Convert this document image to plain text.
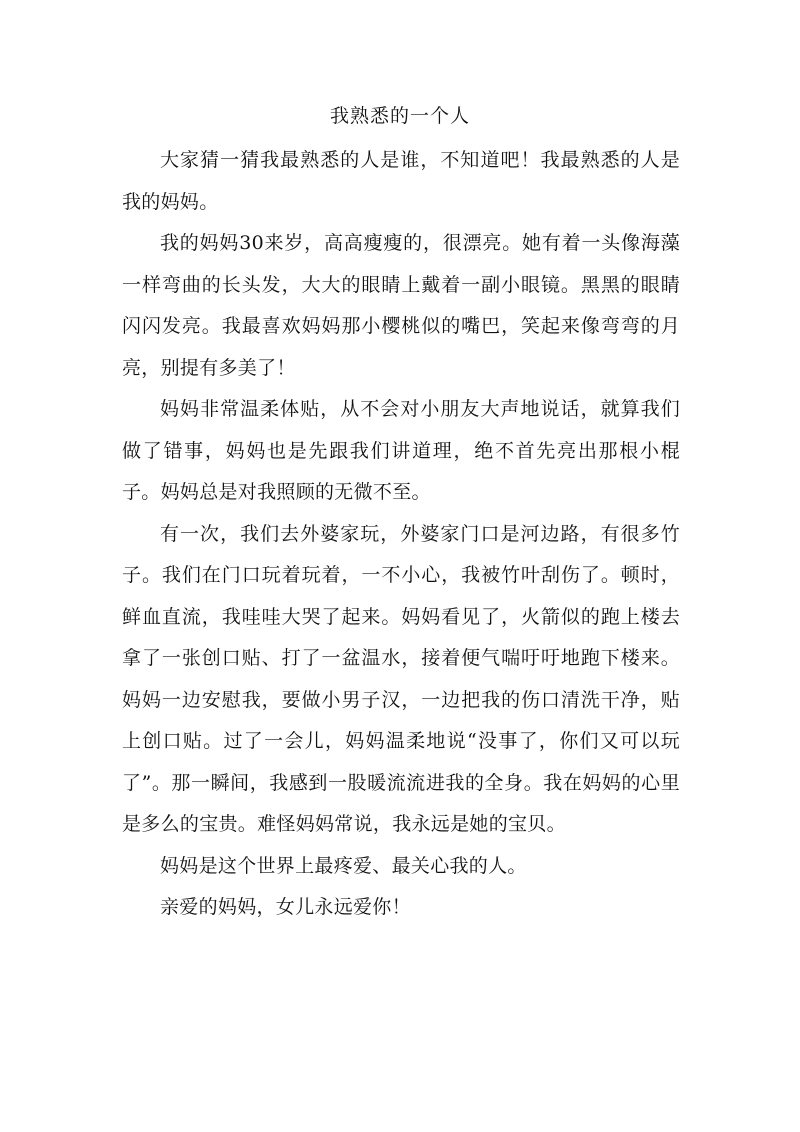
我熟悉的一个人

大家猜一猜我最熟悉的人是谁，不知道吧！我最熟悉的人是我的妈妈。

我的妈妈30来岁，高高瘦瘦的，很漂亮。她有着一头像海藻一样弯曲的长头发，大大的眼睛上戴着一副小眼镜。黑黑的眼睛闪闪发亮。我最喜欢妈妈那小樱桃似的嘴巴，笑起来像弯弯的月亮，别提有多美了！

妈妈非常温柔体贴，从不会对小朋友大声地说话，就算我们做了错事，妈妈也是先跟我们讲道理，绝不首先亮出那根小棍子。妈妈总是对我照顾的无微不至。

有一次，我们去外婆家玩，外婆家门口是河边路，有很多竹子。我们在门口玩着玩着，一不小心，我被竹叶刮伤了。顿时，鲜血直流，我哇哇大哭了起来。妈妈看见了，火箭似的跑上楼去拿了一张创口贴、打了一盆温水，接着便气喘吁吁地跑下楼来。妈妈一边安慰我，要做小男子汉，一边把我的伤口清洗干净，贴上创口贴。过了一会儿，妈妈温柔地说“没事了，你们又可以玩了”。那一瞬间，我感到一股暖流流进我的全身。我在妈妈的心里是多么的宝贵。难怪妈妈常说，我永远是她的宝贝。

妈妈是这个世界上最疼爱、最关心我的人。

亲爱的妈妈，女儿永远爱你！
